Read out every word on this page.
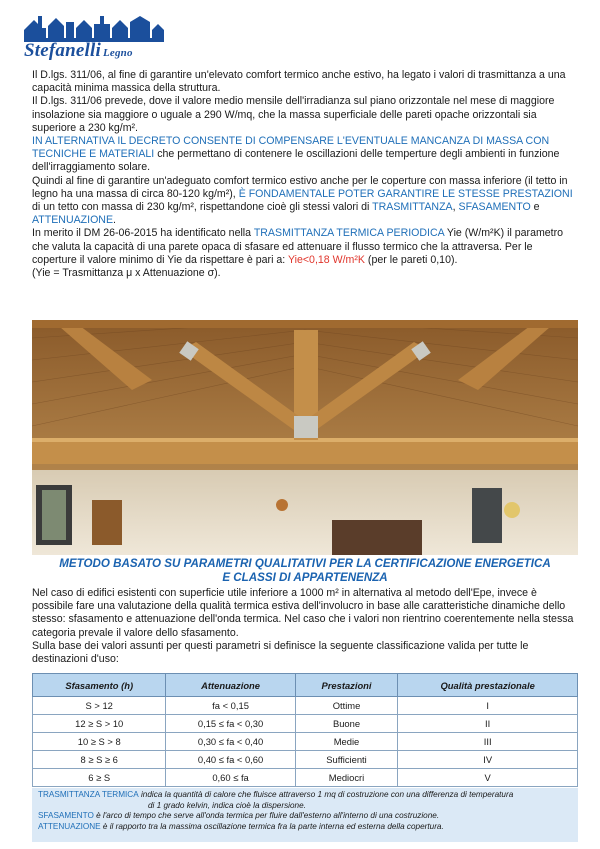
Stefanelli Legno

Il D.lgs. 311/06, al fine di garantire un'elevato comfort termico anche estivo, ha legato i valori di trasmittanza a una capacità minima massica della struttura.

Il D.lgs. 311/06 prevede, dove il valore medio mensile dell'irradianza sul piano orizzontale nel mese di maggiore insolazione sia maggiore o uguale a 290 W/mq, che la massa superficiale delle pareti opache orizzontali sia superiore a 230 kg/m².

IN ALTERNATIVA IL DECRETO CONSENTE DI COMPENSARE L'EVENTUALE MANCANZA DI MASSA CON TECNICHE E MATERIALI che permettano di contenere le oscillazioni delle temperture degli ambienti in funzione dell'irraggiamento solare.

Quindi al fine di garantire un'adeguato comfort termico estivo anche per le coperture con massa inferiore (il tetto in legno ha una massa di circa 80-120 kg/m²), È FONDAMENTALE POTER GARANTIRE LE STESSE PRESTAZIONI di un tetto con massa di 230 kg/m², rispettandone cioè gli stessi valori di TRASMITTANZA, SFASAMENTO e ATTENUAZIONE.

In merito il DM 26-06-2015 ha identificato nella TRASMITTANZA TERMICA PERIODICA Yie (W/m²K) il parametro che valuta la capacità di una parete opaca di sfasare ed attenuare il flusso termico che la attraversa. Per le coperture il valore minimo di Yie da rispettare è pari a: Yie<0,18 W/m²K (per le pareti 0,10).

(Yie = Trasmittanza μ x Attenuazione σ).

METODO BASATO SU PARAMETRI QUALITATIVI PER LA CERTIFICAZIONE ENERGETICA
E CLASSI DI APPARTENENZA

Nel caso di edifici esistenti con superficie utile inferiore a 1000 m² in alternativa al metodo dell'Epe, invece è possibile fare una valutazione della qualità termica estiva dell'involucro in base alle caratteristiche dinamiche dello stesso: sfasamento e attenuazione dell'onda termica. Nel caso che i valori non rientrino coerentemente nella stessa categoria prevale il valore dello sfasamento.

Sulla base dei valori assunti per questi parametri si definisce la seguente classificazione valida per tutte le destinazioni d'uso:

Sfasamento (h)	Attenuazione	Prestazioni	Qualità prestazionale
S > 12	fa < 0,15	Ottime	I
12 ≥ S > 10	0,15 ≤ fa < 0,30	Buone	II
10 ≥ S > 8	0,30 ≤ fa < 0,40	Medie	III
8 ≥ S ≥ 6	0,40 ≤ fa < 0,60	Sufficienti	IV
6 ≥ S	0,60 ≤ fa	Mediocri	V

TRASMITTANZA TERMICA indica la quantità di calore che fluisce attraverso 1 mq di costruzione con una differenza di temperatura

di 1 grado kelvin, indica cioè la dispersione.

SFASAMENTO è l'arco di tempo che serve all'onda termica per fluire dall'esterno all'interno di una costruzione.

ATTENUAZIONE è il rapporto tra la massima oscillazione termica fra la parte interna ed esterna della copertura.
